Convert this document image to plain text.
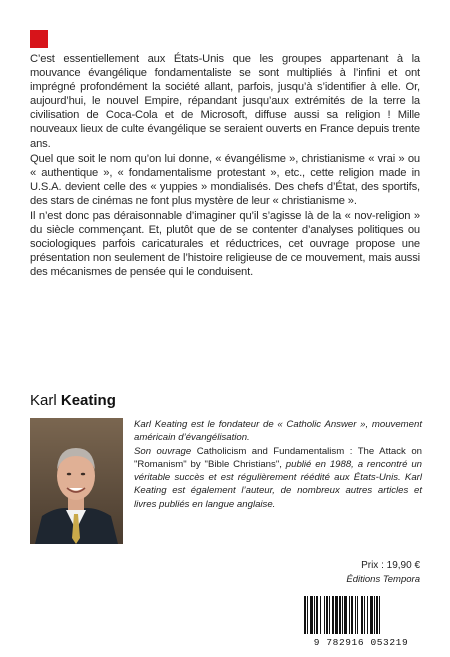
C’est essentiellement aux États-Unis que les groupes appartenant à la mouvance évangélique fondamentaliste se sont multipliés à l’infini et ont imprégné profondément la société allant, parfois, jusqu’à s’identifier à elle. Or, aujourd’hui, le nouvel Empire, répandant jusqu’aux extrémités de la terre la civilisation de Coca-Cola et de Microsoft, diffuse aussi sa religion ! Mille nouveaux lieux de culte évangélique se seraient ouverts en France depuis trente ans.

Quel que soit le nom qu’on lui donne, « évangélisme », christianisme « vrai » ou « authentique », « fondamentalisme protestant », etc., cette religion made in U.S.A. devient celle des « yuppies » mondialisés. Des chefs d’État, des sportifs, des stars de cinémas ne font plus mystère de leur « christianisme ».

Il n’est donc pas déraisonnable d’imaginer qu’il s’agisse là de la « nov-religion » du siècle commençant. Et, plutôt que de se contenter d’analyses politiques ou sociologiques parfois caricaturales et réductrices, cet ouvrage propose une présentation non seulement de l’histoire religieuse de ce mouvement, mais aussi des mécanismes de pensée qui le conduisent.

Karl Keating

Karl Keating est le fondateur de « Catholic Answer », mouvement américain d’évangélisation.

Son ouvrage Catholicism and Fundamentalism : The Attack on "Romanism" by "Bible Christians", publié en 1988, a rencontré un véritable succès et est régulièrement réédité aux États-Unis. Karl Keating est également l’auteur, de nombreux autres articles et livres publiés en langue anglaise.

Prix : 19,90 €
Éditions Tempora
9 782916 053219
